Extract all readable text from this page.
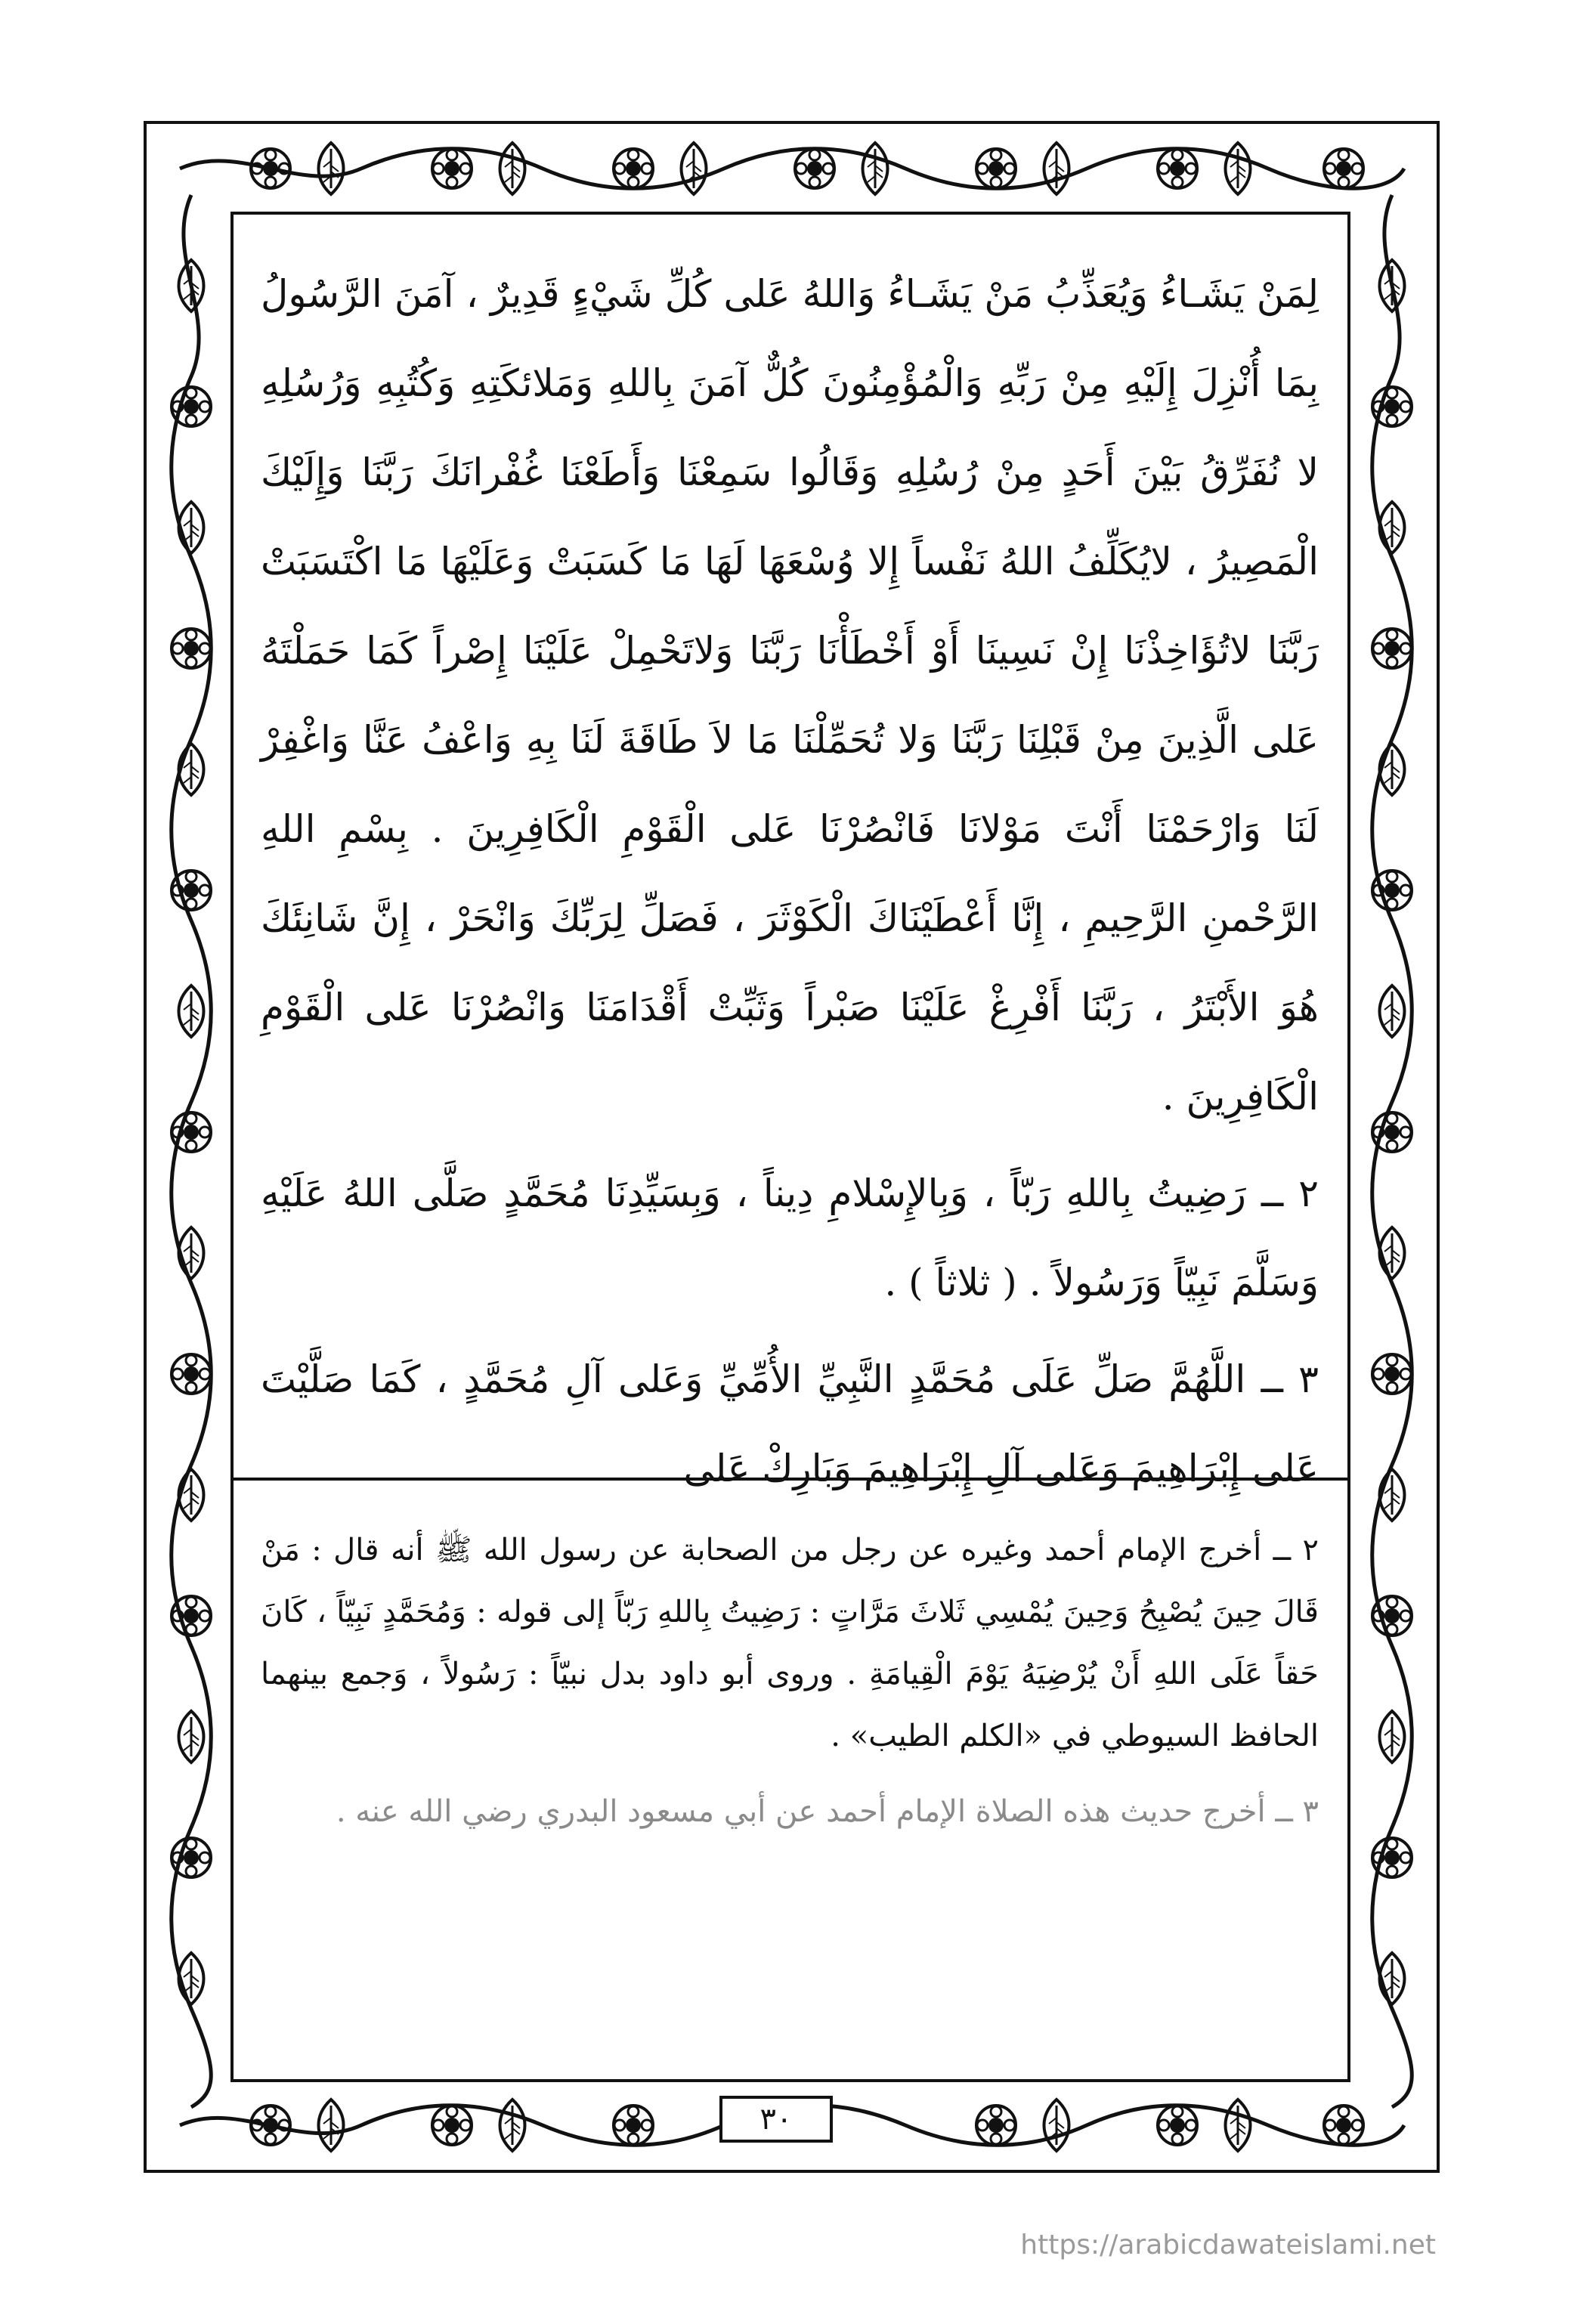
لِمَنْ يَشَـاءُ وَيُعَذِّبُ مَنْ يَشَـاءُ وَاللهُ عَلى كُلِّ شَيْءٍ قَدِيرٌ ، آمَنَ الرَّسُولُ بِمَا أُنْزِلَ إِلَيْهِ مِنْ رَبِّهِ وَالْمُؤْمِنُونَ كُلٌّ آمَنَ بِاللهِ وَمَلائكَتِهِ وَكُتُبِهِ وَرُسُلِهِ لا نُفَرِّقُ بَيْنَ أَحَدٍ مِنْ رُسُلِهِ وَقَالُوا سَمِعْنَا وَأَطَعْنَا غُفْرانَكَ رَبَّنَا وَإِلَيْكَ الْمَصِيرُ ، لايُكَلِّفُ اللهُ نَفْساً إِلا وُسْعَهَا لَهَا مَا كَسَبَتْ وَعَلَيْهَا مَا اكْتَسَبَتْ رَبَّنَا لاتُؤَاخِذْنَا إِنْ نَسِينَا أَوْ أَخْطَأْنَا رَبَّنَا وَلاتَحْمِلْ عَلَيْنَا إِصْراً كَمَا حَمَلْتَهُ عَلى الَّذِينَ مِنْ قَبْلِنَا رَبَّنَا وَلا تُحَمِّلْنَا مَا لاَ طَاقَةَ لَنَا بِهِ وَاعْفُ عَنَّا وَاغْفِرْ لَنَا وَارْحَمْنَا أَنْتَ مَوْلانَا فَانْصُرْنَا عَلى الْقَوْمِ الْكَافِرِينَ . بِسْمِ اللهِ الرَّحْمنِ الرَّحِيمِ ، إِنَّا أَعْطَيْنَاكَ الْكَوْثَرَ ، فَصَلِّ لِرَبِّكَ وَانْحَرْ ، إِنَّ شَانِئَكَ هُوَ الأَبْتَرُ ، رَبَّنَا أَفْرِغْ عَلَيْنَا صَبْراً وَثَبِّتْ أَقْدَامَنَا وَانْصُرْنَا عَلى الْقَوْمِ الْكَافِرِينَ .

٢ ــ رَضِيتُ بِاللهِ رَبّاً ، وَبِالإِسْلامِ دِيناً ، وَبِسَيِّدِنَا مُحَمَّدٍ صَلَّى اللهُ عَلَيْهِ وَسَلَّمَ نَبِيّاً وَرَسُولاً . ( ثلاثاً ) .

٣ ــ اللَّهُمَّ صَلِّ عَلَى مُحَمَّدٍ النَّبِيِّ الأُمِّيِّ وَعَلى آلِ مُحَمَّدٍ ، كَمَا صَلَّيْتَ عَلى إِبْرَاهِيمَ وَعَلى آلِ إِبْرَاهِيمَ وَبَارِكْ عَلى

٢ ــ أخرج الإمام أحمد وغيره عن رجل من الصحابة عن رسول الله ﷺ أنه قال : مَنْ قَالَ حِينَ يُصْبِحُ وَحِينَ يُمْسِي ثَلاثَ مَرَّاتٍ : رَضِيتُ بِاللهِ رَبّاً إلى قوله : وَمُحَمَّدٍ نَبِيّاً ، كَانَ حَقاً عَلَى اللهِ أَنْ يُرْضِيَهُ يَوْمَ الْقِيامَةِ . وروى أبو داود بدل نبيّاً : رَسُولاً ، وَجمع بينهما الحافظ السيوطي في «الكلم الطيب» .

٣ ــ أخرج حديث هذه الصلاة الإمام أحمد عن أبي مسعود البدري رضي الله عنه .

٣٠
https://arabicdawateislami.net
